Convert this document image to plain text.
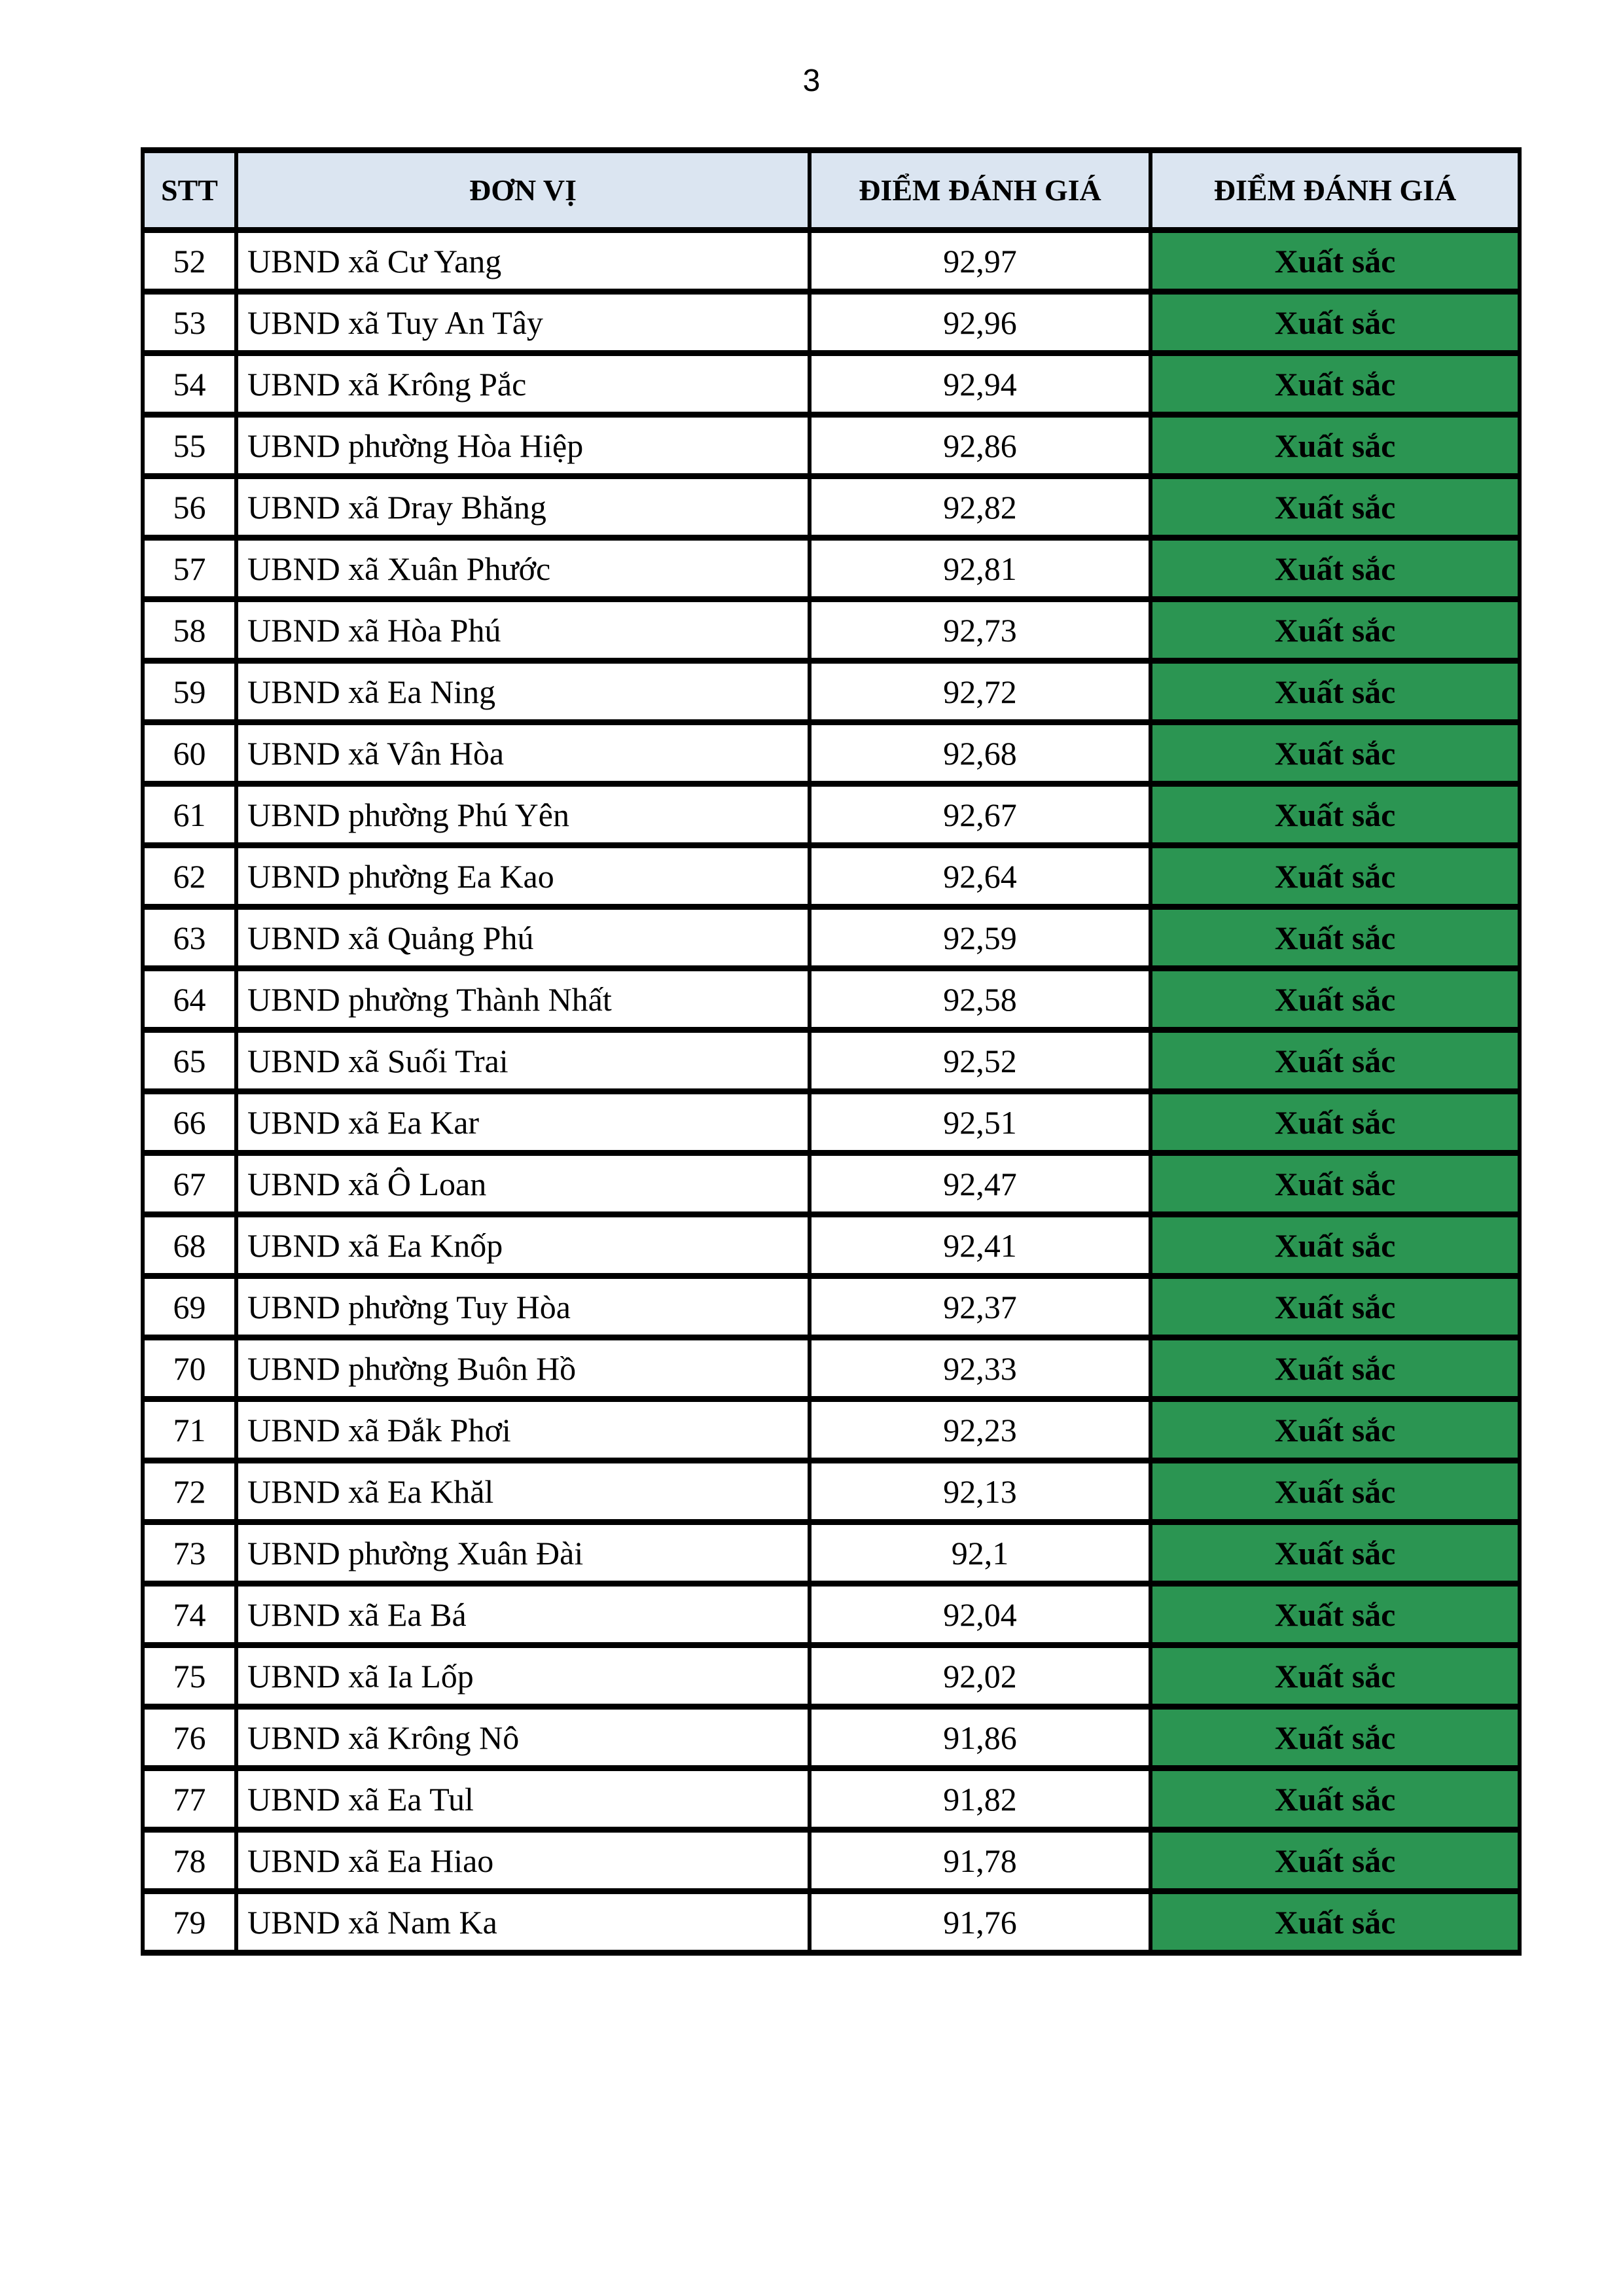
3
STT	ĐƠN VỊ	ĐIỂM ĐÁNH GIÁ	ĐIỂM ĐÁNH GIÁ
52	UBND xã Cư Yang	92,97	Xuất sắc
53	UBND xã Tuy An Tây	92,96	Xuất sắc
54	UBND xã Krông Pắc	92,94	Xuất sắc
55	UBND phường Hòa Hiệp	92,86	Xuất sắc
56	UBND xã Dray Bhăng	92,82	Xuất sắc
57	UBND xã Xuân Phước	92,81	Xuất sắc
58	UBND xã Hòa Phú	92,73	Xuất sắc
59	UBND xã Ea Ning	92,72	Xuất sắc
60	UBND xã Vân Hòa	92,68	Xuất sắc
61	UBND phường Phú Yên	92,67	Xuất sắc
62	UBND phường Ea Kao	92,64	Xuất sắc
63	UBND xã Quảng Phú	92,59	Xuất sắc
64	UBND phường Thành Nhất	92,58	Xuất sắc
65	UBND xã Suối Trai	92,52	Xuất sắc
66	UBND xã Ea Kar	92,51	Xuất sắc
67	UBND xã Ô Loan	92,47	Xuất sắc
68	UBND xã Ea Knốp	92,41	Xuất sắc
69	UBND phường Tuy Hòa	92,37	Xuất sắc
70	UBND phường Buôn Hồ	92,33	Xuất sắc
71	UBND xã Đắk Phơi	92,23	Xuất sắc
72	UBND xã Ea Khăl	92,13	Xuất sắc
73	UBND phường Xuân Đài	92,1	Xuất sắc
74	UBND xã Ea Bá	92,04	Xuất sắc
75	UBND xã Ia Lốp	92,02	Xuất sắc
76	UBND xã Krông Nô	91,86	Xuất sắc
77	UBND xã Ea Tul	91,82	Xuất sắc
78	UBND xã Ea Hiao	91,78	Xuất sắc
79	UBND xã Nam Ka	91,76	Xuất sắc
